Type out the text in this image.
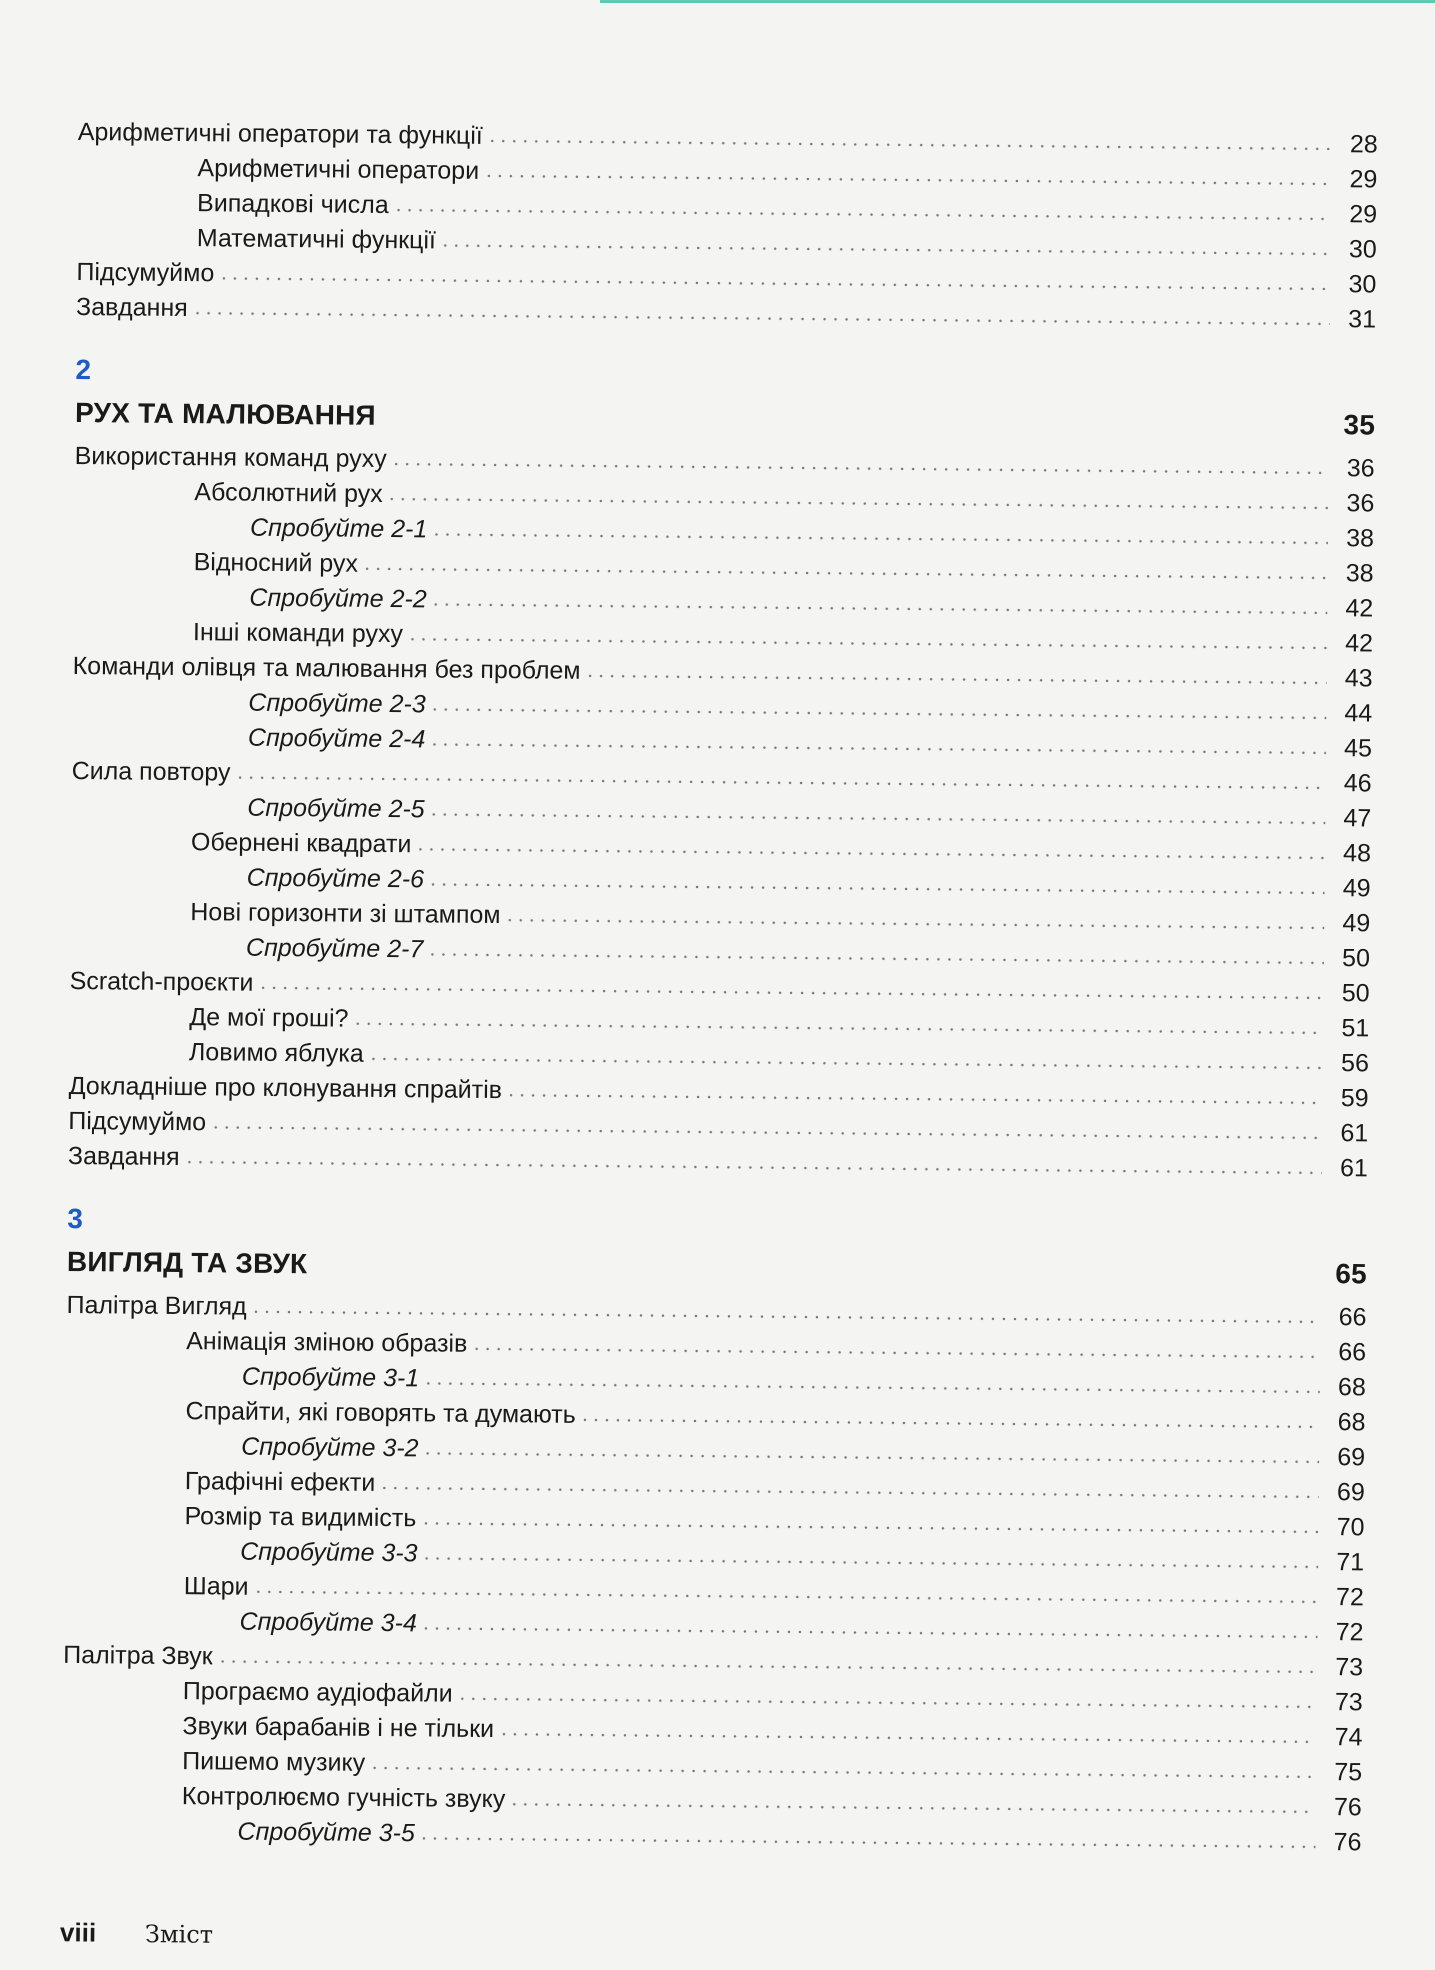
Арифметичні оператори та функції	28
Арифметичні оператори	29
Випадкові числа	29
Математичні функції	30
Підсумуймо	30
Завдання	31
2
РУХ ТА МАЛЮВАННЯ	35
Використання команд руху	36
Абсолютний рух	36
Спробуйте 2-1	38
Відносний рух	38
Спробуйте 2-2	42
Інші команди руху	42
Команди олівця та малювання без проблем	43
Спробуйте 2-3	44
Спробуйте 2-4	45
Сила повтору	46
Спробуйте 2-5	47
Обернені квадрати	48
Спробуйте 2-6	49
Нові горизонти зі штампом	49
Спробуйте 2-7	50
Scratch-проєкти	50
Де мої гроші?	51
Ловимо яблука	56
Докладніше про клонування спрайтів	59
Підсумуймо	61
Завдання	61
3
ВИГЛЯД ТА ЗВУК	65
Палітра Вигляд	66
Анімація зміною образів	66
Спробуйте 3-1	68
Спрайти, які говорять та думають	68
Спробуйте 3-2	69
Графічні ефекти	69
Розмір та видимість	70
Спробуйте 3-3	71
Шари	72
Спробуйте 3-4	72
Палітра Звук	73
Програємо аудіофайли	73
Звуки барабанів і не тільки	74
Пишемо музику	75
Контролюємо гучність звуку	76
Спробуйте 3-5	76
viii	Зміст
